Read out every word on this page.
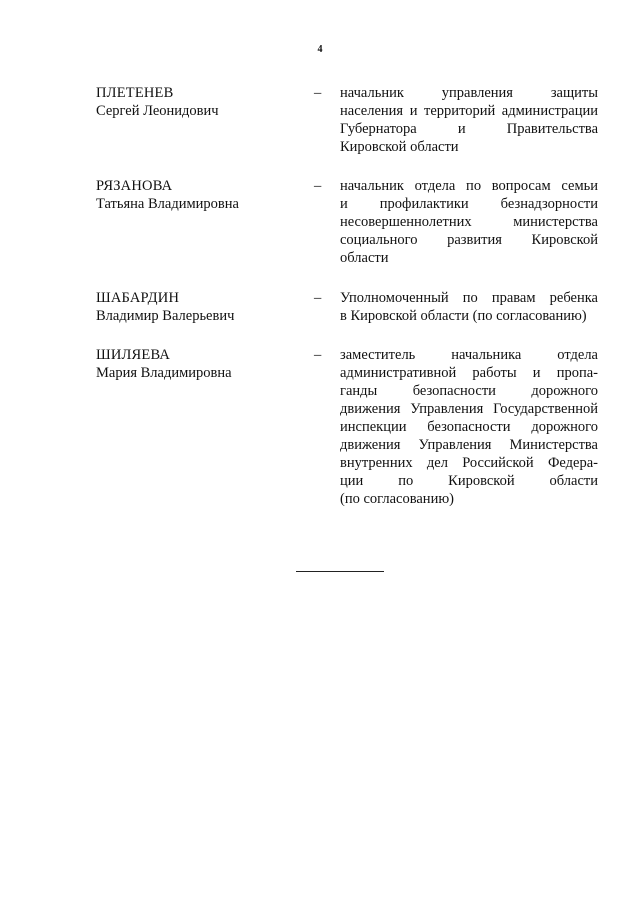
4
ПЛЕТЕНЕВ
Сергей Леонидович
– начальник управления защиты
населения и территорий администрации
Губернатора и Правительства
Кировской области
РЯЗАНОВА
Татьяна Владимировна
– начальник отдела по вопросам семьи
и профилактики безнадзорности
несовершеннолетних министерства
социального развития Кировской
области
ШАБАРДИН
Владимир Валерьевич
– Уполномоченный по правам ребенка
в Кировской области (по согласованию)
ШИЛЯЕВА
Мария Владимировна
– заместитель начальника отдела
административной работы и пропа-
ганды безопасности дорожного
движения Управления Государственной
инспекции безопасности дорожного
движения Управления Министерства
внутренних дел Российской Федера-
ции по Кировской области
(по согласованию)
